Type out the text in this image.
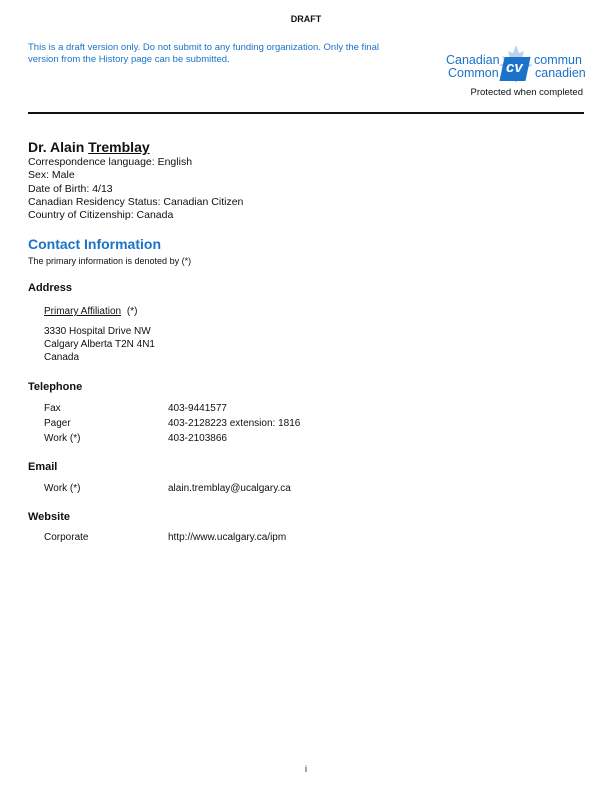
DRAFT
This is a draft version only. Do not submit to any funding organization. Only the final version from the History page can be submitted.	cv
Canadian
Common
commun
canadien
Protected when completed
Dr. Alain Tremblay
Correspondence language: English
Sex: Male
Date of Birth: 4/13
Canadian Residency Status: Canadian Citizen
Country of Citizenship: Canada
Contact Information
The primary information is denoted by (*)
Address
Primary Affiliation (*)
3330 Hospital Drive NW
Calgary Alberta T2N 4N1
Canada
Telephone
Fax	403-9441577
Pager	403-2128223 extension: 1816
Work (*)	403-2103866
Email
Work (*)	alain.tremblay@ucalgary.ca
Website
Corporate	http://www.ucalgary.ca/ipm
i
